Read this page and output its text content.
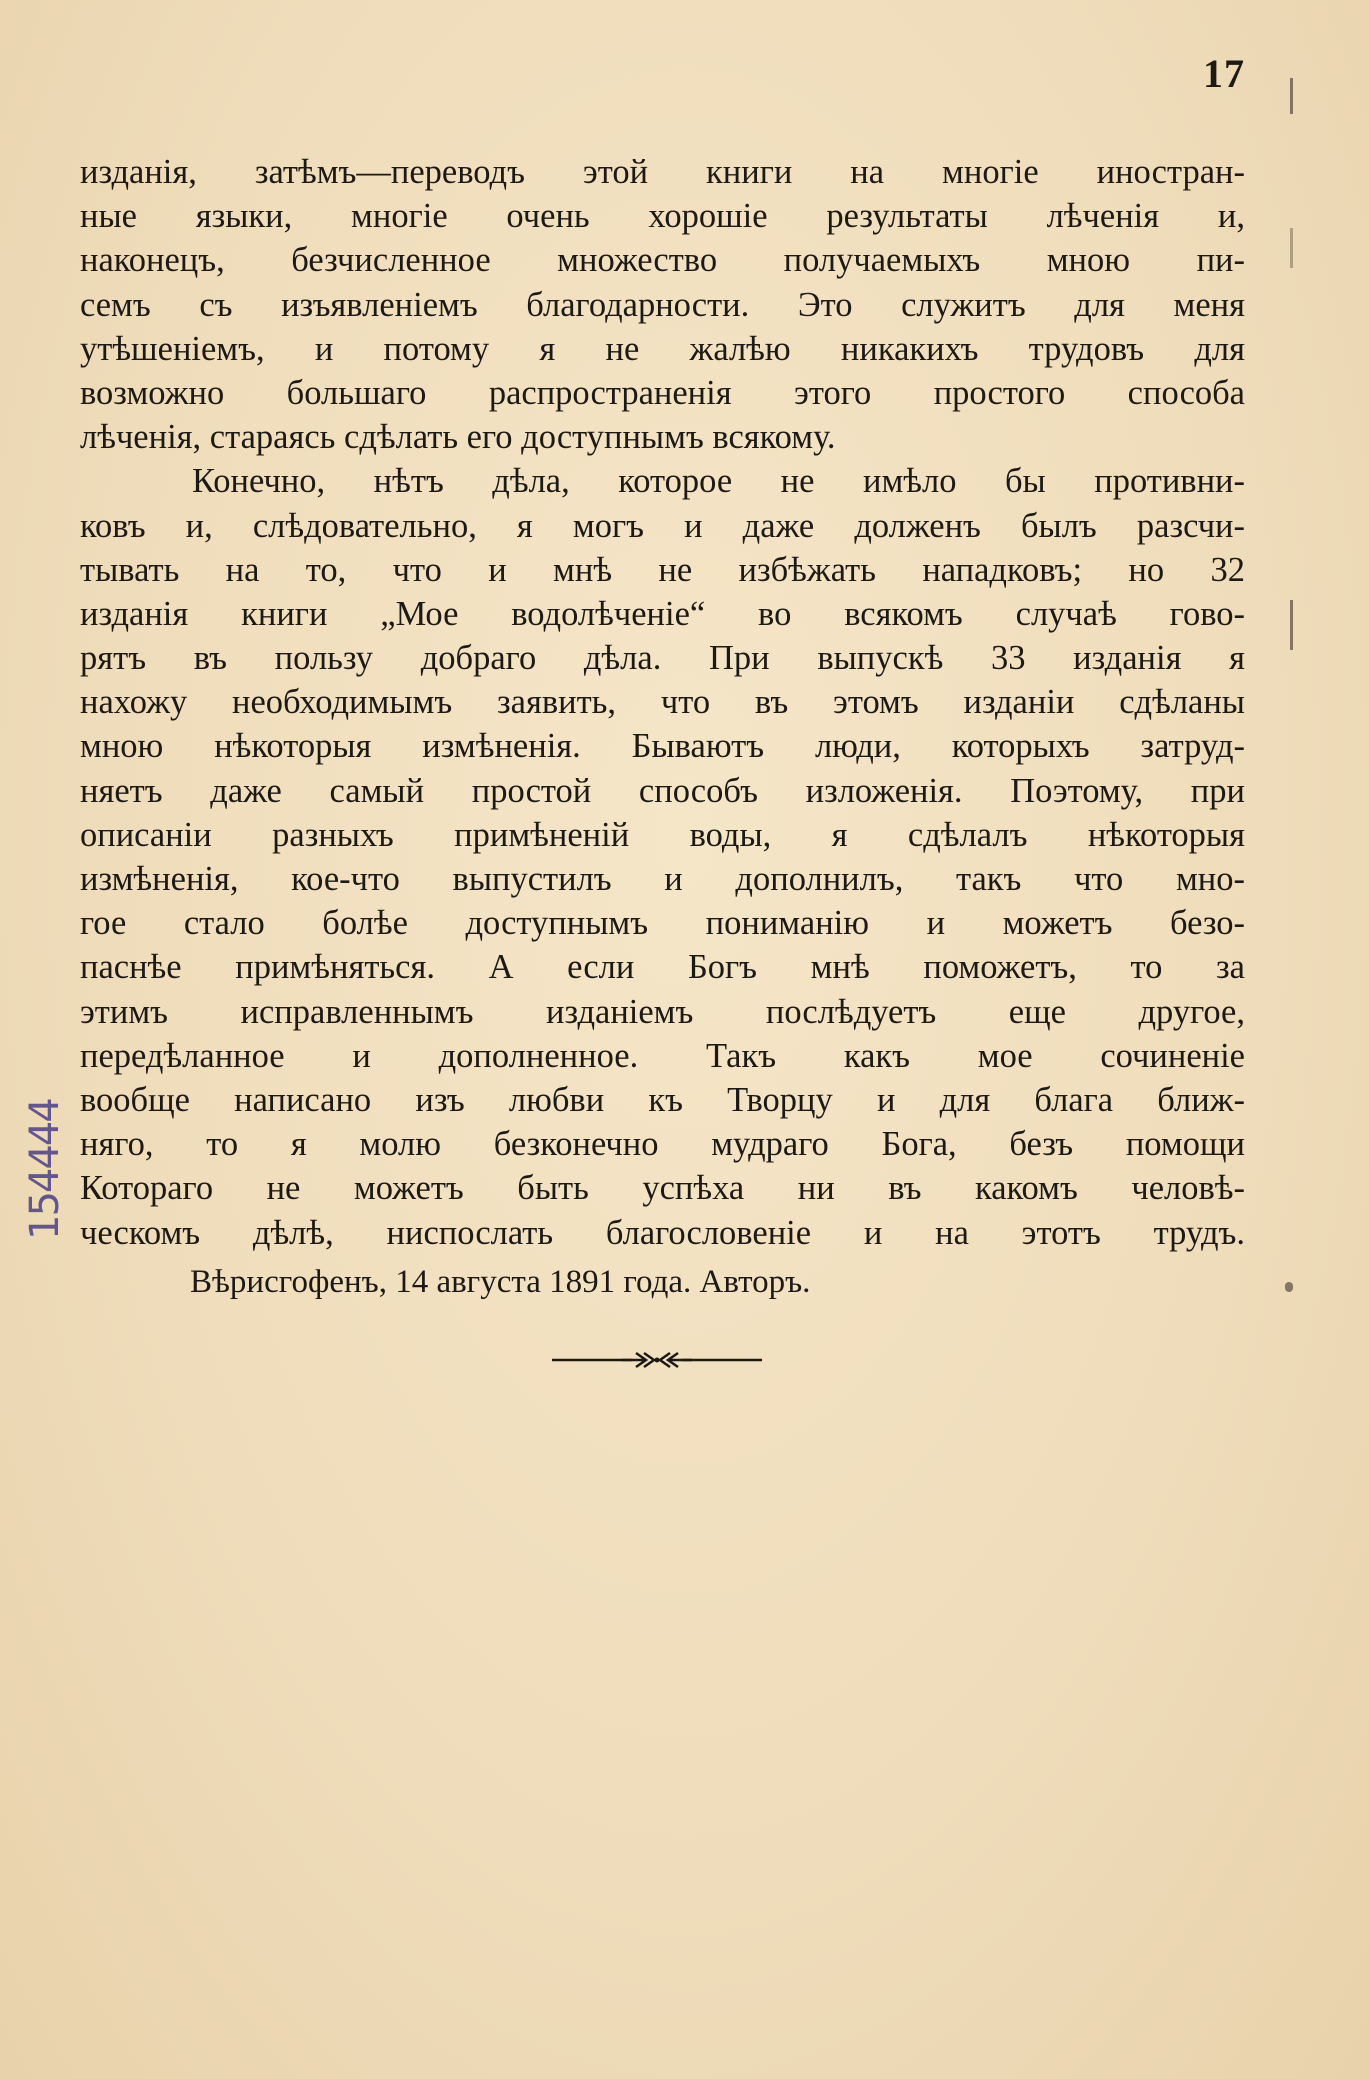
17
изданія, затѣмъ—переводъ этой книги на многіе иностран-
ные языки, многіе очень хорошіе результаты лѣченія и,
наконецъ, безчисленное множество получаемыхъ мною пи-
семъ съ изъявленіемъ благодарности. Это служитъ для меня
утѣшеніемъ, и потому я не жалѣю никакихъ трудовъ для
возможно большаго распространенія этого простого способа
лѣченія, стараясь сдѣлать его доступнымъ всякому.
Конечно, нѣтъ дѣла, которое не имѣло бы противни-
ковъ и, слѣдовательно, я могъ и даже долженъ былъ разсчи-
тывать на то, что и мнѣ не избѣжать нападковъ; но 32
изданія книги „Мое водолѣченіе“ во всякомъ случаѣ гово-
рятъ въ пользу добраго дѣла. При выпускѣ 33 изданія я
нахожу необходимымъ заявить, что въ этомъ изданіи сдѣланы
мною нѣкоторыя измѣненія. Бываютъ люди, которыхъ затруд-
няетъ даже самый простой способъ изложенія. Поэтому, при
описаніи разныхъ примѣненій воды, я сдѣлалъ нѣкоторыя
измѣненія, кое-что выпустилъ и дополнилъ, такъ что мно-
гое стало болѣе доступнымъ пониманію и можетъ безо-
паснѣе примѣняться. А если Богъ мнѣ поможетъ, то за
этимъ исправленнымъ изданіемъ послѣдуетъ еще другое,
передѣланное и дополненное. Такъ какъ мое сочиненіе
вообще написано изъ любви къ Творцу и для блага ближ-
няго, то я молю безконечно мудраго Бога, безъ помощи
Котораго не можетъ быть успѣха ни въ какомъ человѣ-
ческомъ дѣлѣ, ниспослать благословеніе и на этотъ трудъ.
Вѣрисгофенъ, 14 августа 1891 года. Авторъ.
154444
